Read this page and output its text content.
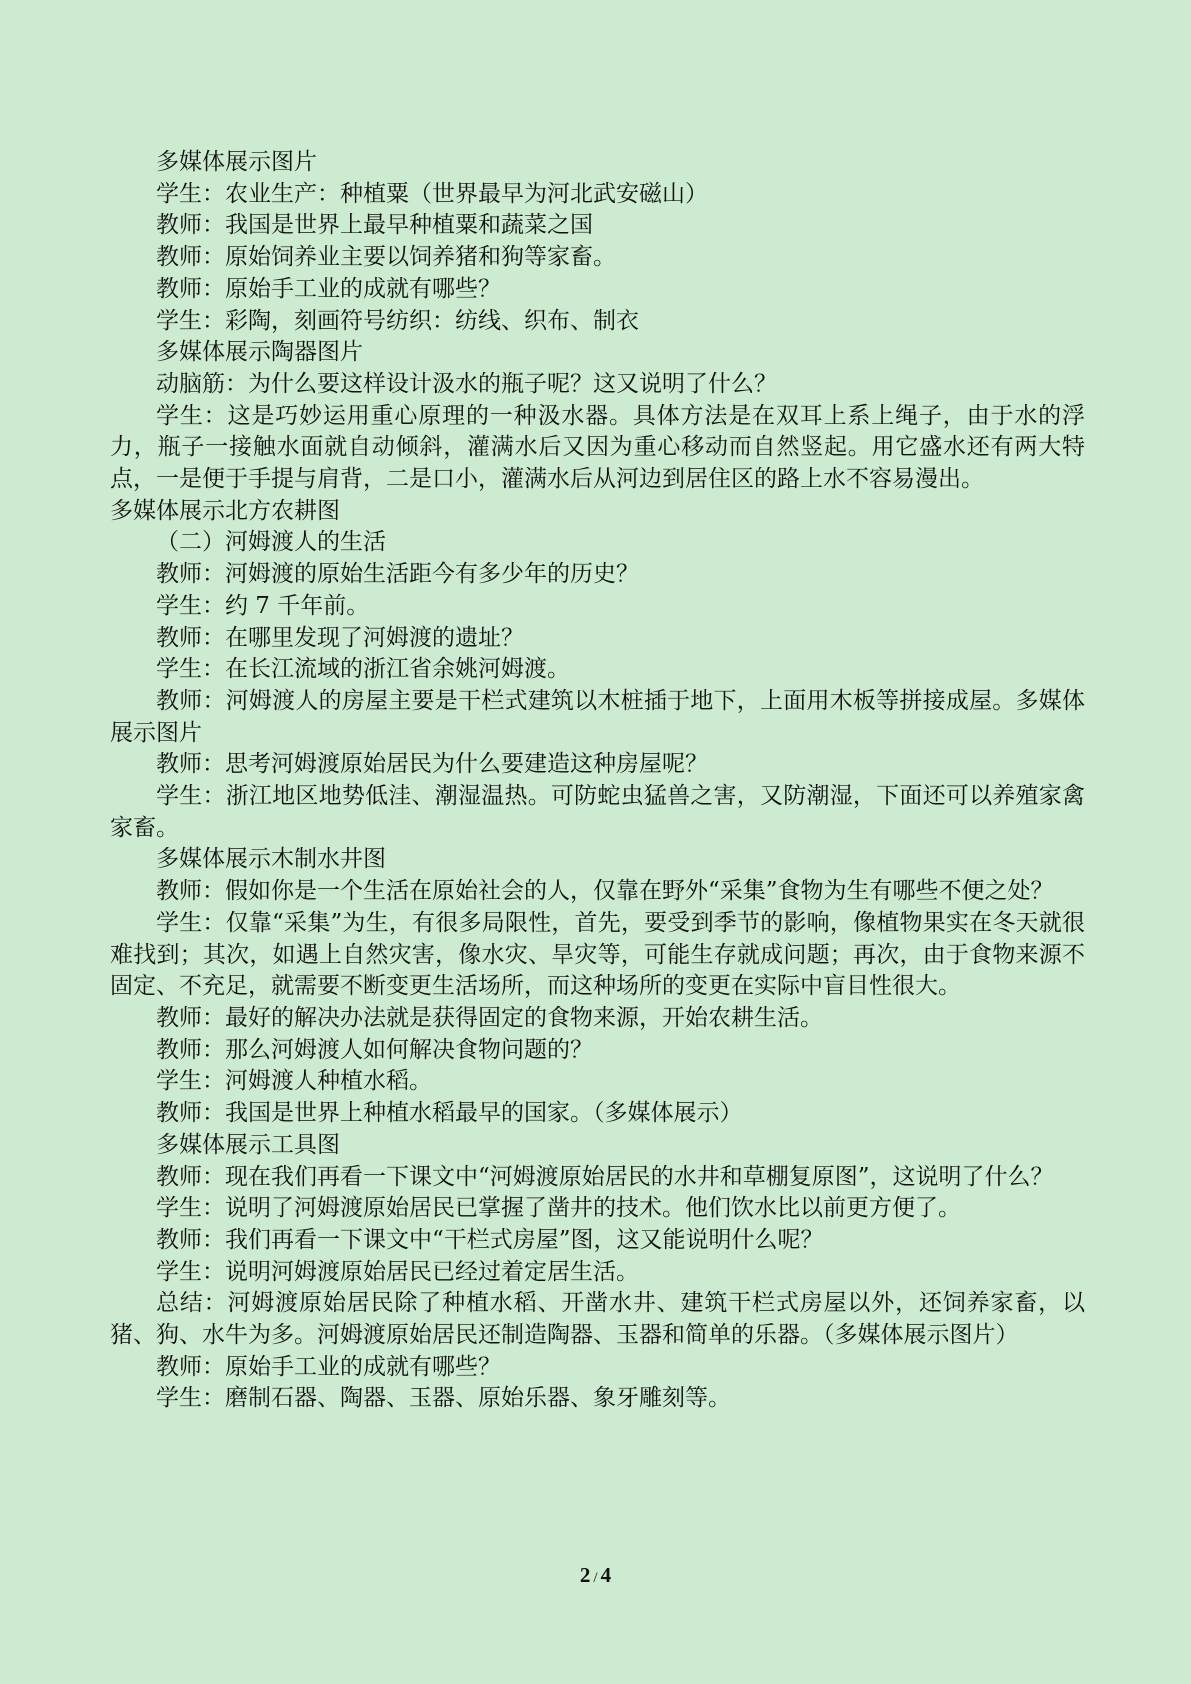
多媒体展示图片

学生：农业生产：种植粟（世界最早为河北武安磁山）

教师：我国是世界上最早种植粟和蔬菜之国

教师：原始饲养业主要以饲养猪和狗等家畜。

教师：原始手工业的成就有哪些？

学生：彩陶，刻画符号纺织：纺线、织布、制衣

多媒体展示陶器图片

动脑筋：为什么要这样设计汲水的瓶子呢？这又说明了什么？

学生：这是巧妙运用重心原理的一种汲水器。具体方法是在双耳上系上绳子，由于水的浮力，瓶子一接触水面就自动倾斜，灌满水后又因为重心移动而自然竖起。用它盛水还有两大特点，一是便于手提与肩背，二是口小，灌满水后从河边到居住区的路上水不容易漫出。

多媒体展示北方农耕图

（二）河姆渡人的生活

教师：河姆渡的原始生活距今有多少年的历史？

学生：约 7 千年前。

教师：在哪里发现了河姆渡的遗址？

学生：在长江流域的浙江省余姚河姆渡。

教师：河姆渡人的房屋主要是干栏式建筑以木桩插于地下，上面用木板等拼接成屋。多媒体展示图片

教师：思考河姆渡原始居民为什么要建造这种房屋呢？

学生：浙江地区地势低洼、潮湿温热。可防蛇虫猛兽之害，又防潮湿，下面还可以养殖家禽家畜。

多媒体展示木制水井图

教师：假如你是一个生活在原始社会的人，仅靠在野外“采集”食物为生有哪些不便之处？

学生：仅靠“采集”为生，有很多局限性，首先，要受到季节的影响，像植物果实在冬天就很难找到；其次，如遇上自然灾害，像水灾、旱灾等，可能生存就成问题；再次，由于食物来源不固定、不充足，就需要不断变更生活场所，而这种场所的变更在实际中盲目性很大。

教师：最好的解决办法就是获得固定的食物来源，开始农耕生活。

教师：那么河姆渡人如何解决食物问题的？

学生：河姆渡人种植水稻。

教师：我国是世界上种植水稻最早的国家。（多媒体展示）

多媒体展示工具图

教师：现在我们再看一下课文中“河姆渡原始居民的水井和草棚复原图”，这说明了什么？

学生：说明了河姆渡原始居民已掌握了凿井的技术。他们饮水比以前更方便了。

教师：我们再看一下课文中“干栏式房屋”图，这又能说明什么呢？

学生：说明河姆渡原始居民已经过着定居生活。

总结：河姆渡原始居民除了种植水稻、开凿水井、建筑干栏式房屋以外，还饲养家畜，以猪、狗、水牛为多。河姆渡原始居民还制造陶器、玉器和简单的乐器。（多媒体展示图片）

教师：原始手工业的成就有哪些？

学生：磨制石器、陶器、玉器、原始乐器、象牙雕刻等。

2 / 4
